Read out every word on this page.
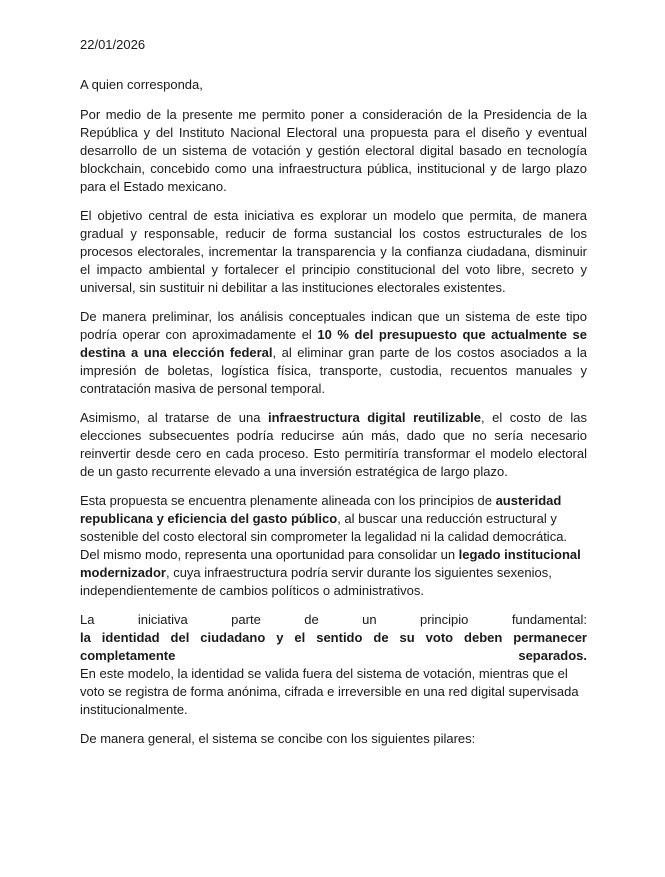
22/01/2026
A quien corresponda,

Por medio de la presente me permito poner a consideración de la Presidencia de la República y del Instituto Nacional Electoral una propuesta para el diseño y eventual desarrollo de un sistema de votación y gestión electoral digital basado en tecnología blockchain, concebido como una infraestructura pública, institucional y de largo plazo para el Estado mexicano.

El objetivo central de esta iniciativa es explorar un modelo que permita, de manera gradual y responsable, reducir de forma sustancial los costos estructurales de los procesos electorales, incrementar la transparencia y la confianza ciudadana, disminuir el impacto ambiental y fortalecer el principio constitucional del voto libre, secreto y universal, sin sustituir ni debilitar a las instituciones electorales existentes.

De manera preliminar, los análisis conceptuales indican que un sistema de este tipo podría operar con aproximadamente el 10 % del presupuesto que actualmente se destina a una elección federal, al eliminar gran parte de los costos asociados a la impresión de boletas, logística física, transporte, custodia, recuentos manuales y contratación masiva de personal temporal.

Asimismo, al tratarse de una infraestructura digital reutilizable, el costo de las elecciones subsecuentes podría reducirse aún más, dado que no sería necesario reinvertir desde cero en cada proceso. Esto permitiría transformar el modelo electoral de un gasto recurrente elevado a una inversión estratégica de largo plazo.

Esta propuesta se encuentra plenamente alineada con los principios de austeridad republicana y eficiencia del gasto público, al buscar una reducción estructural y sostenible del costo electoral sin comprometer la legalidad ni la calidad democrática. Del mismo modo, representa una oportunidad para consolidar un legado institucional modernizador, cuya infraestructura podría servir durante los siguientes sexenios, independientemente de cambios políticos o administrativos.

La iniciativa parte de un principio fundamental:
la identidad del ciudadano y el sentido de su voto deben permanecer completamente separados.
En este modelo, la identidad se valida fuera del sistema de votación, mientras que el voto se registra de forma anónima, cifrada e irreversible en una red digital supervisada institucionalmente.

De manera general, el sistema se concibe con los siguientes pilares:
